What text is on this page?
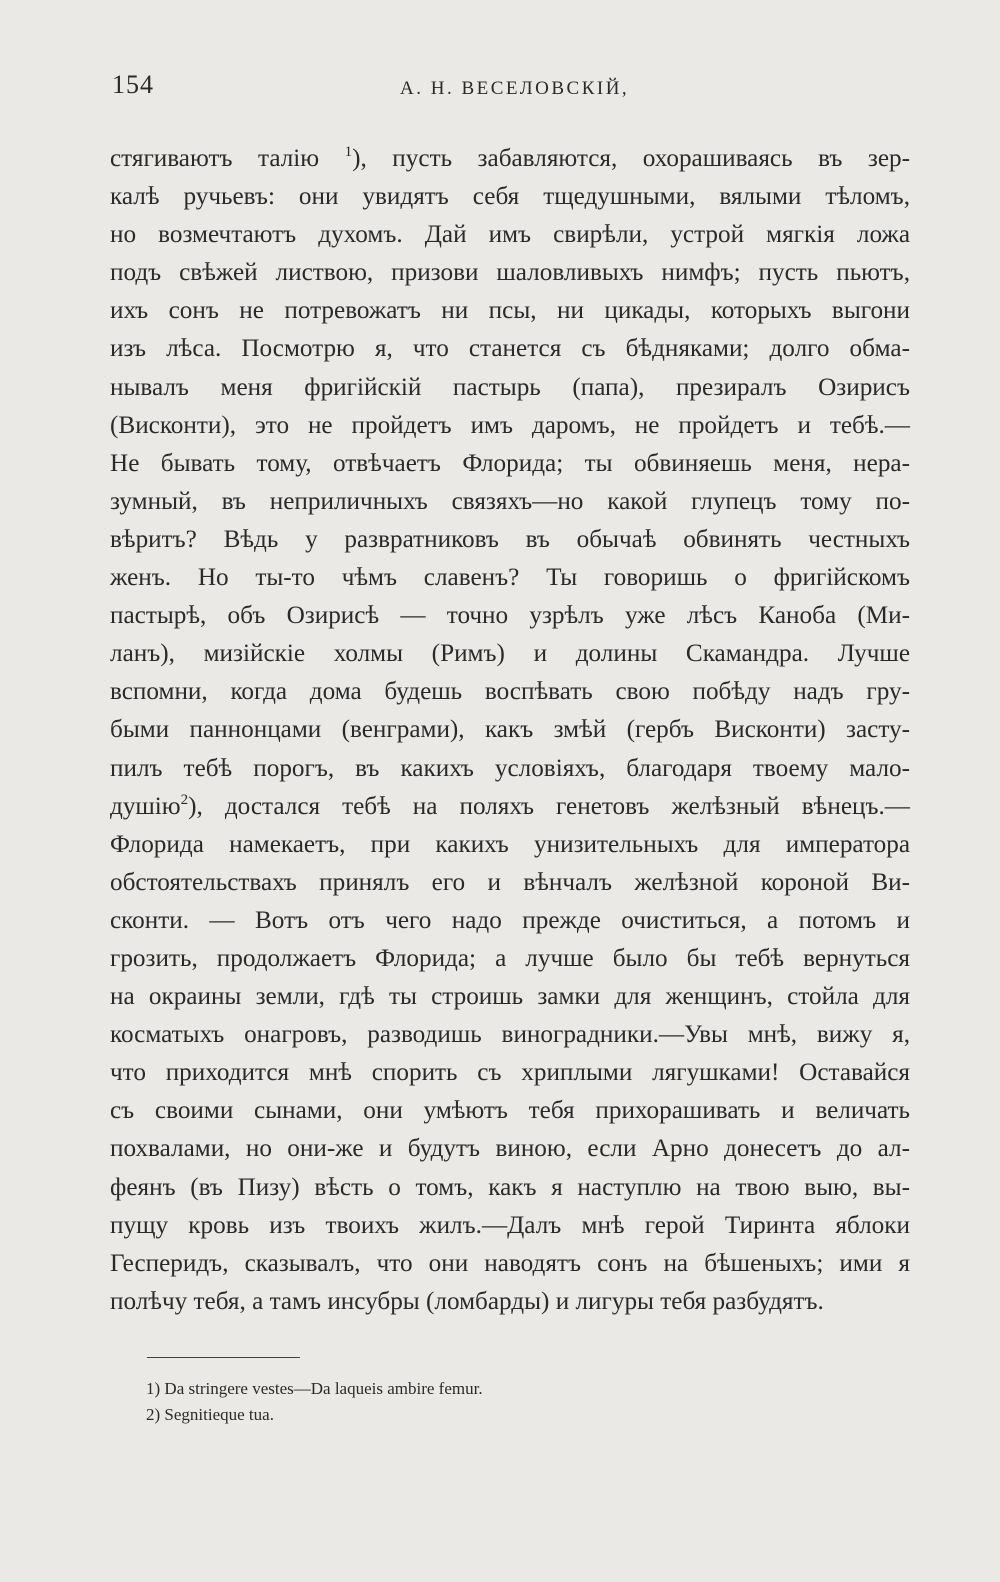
154	А. Н. ВЕСЕЛОВСКІЙ,
стягиваютъ талію $^1$), пусть забавляются, охорашиваясь въ зер-
калѣ ручьевъ: они увидятъ себя тщедушными, вялыми тѣломъ,
но возмечтаютъ духомъ. Дай имъ свирѣли, устрой мягкія ложа
подъ свѣжей листвою, призови шаловливыхъ нимфъ; пусть пьютъ,
ихъ сонъ не потревожатъ ни псы, ни цикады, которыхъ выгони
изъ лѣса. Посмотрю я, что станется съ бѣдняками; долго обма-
нывалъ меня фригійскій пастырь (папа), презиралъ Озирисъ
(Висконти), это не пройдетъ имъ даромъ, не пройдетъ и тебѣ.—
Не бывать тому, отвѣчаетъ Флорида; ты обвиняешь меня, нера-
зумный, въ неприличныхъ связяхъ—но какой глупецъ тому по-
вѣритъ? Вѣдь у развратниковъ въ обычаѣ обвинять честныхъ
женъ. Но ты-то чѣмъ славенъ? Ты говоришь о фригійскомъ
пастырѣ, объ Озирисѣ — точно узрѣлъ уже лѣсъ Каноба (Ми-
ланъ), мизійскіе холмы (Римъ) и долины Скамандра. Лучше
вспомни, когда дома будешь воспѣвать свою побѣду надъ гру-
быми паннонцами (венграми), какъ змѣй (гербъ Висконти) засту-
пилъ тебѣ порогъ, въ какихъ условіяхъ, благодаря твоему мало-
душію$^2$), достался тебѣ на поляхъ генетовъ желѣзный вѣнецъ.—
Флорида намекаетъ, при какихъ унизительныхъ для императора
обстоятельствахъ принялъ его и вѣнчалъ желѣзной короной Ви-
сконти. — Вотъ отъ чего надо прежде очиститься, а потомъ и
грозить, продолжаетъ Флорида; а лучше было бы тебѣ вернуться
на окраины земли, гдѣ ты строишь замки для женщинъ, стойла для
косматыхъ онагровъ, разводишь виноградники.—Увы мнѣ, вижу я,
что приходится мнѣ спорить съ хриплыми лягушками! Оставайся
съ своими сынами, они умѣютъ тебя прихорашивать и величать
похвалами, но они-же и будутъ виною, если Арно донесетъ до ал-
феянъ (въ Пизу) вѣсть о томъ, какъ я наступлю на твою выю, вы-
пущу кровь изъ твоихъ жилъ.—Далъ мнѣ герой Тиринта яблоки
Гесперидъ, сказывалъ, что они наводятъ сонъ на бѣшеныхъ; ими я
полѣчу тебя, а тамъ инсубры (ломбарды) и лигуры тебя разбудятъ.
1) Da stringere vestes—Da laqueis ambire femur.
2) Segnitieque tua.
